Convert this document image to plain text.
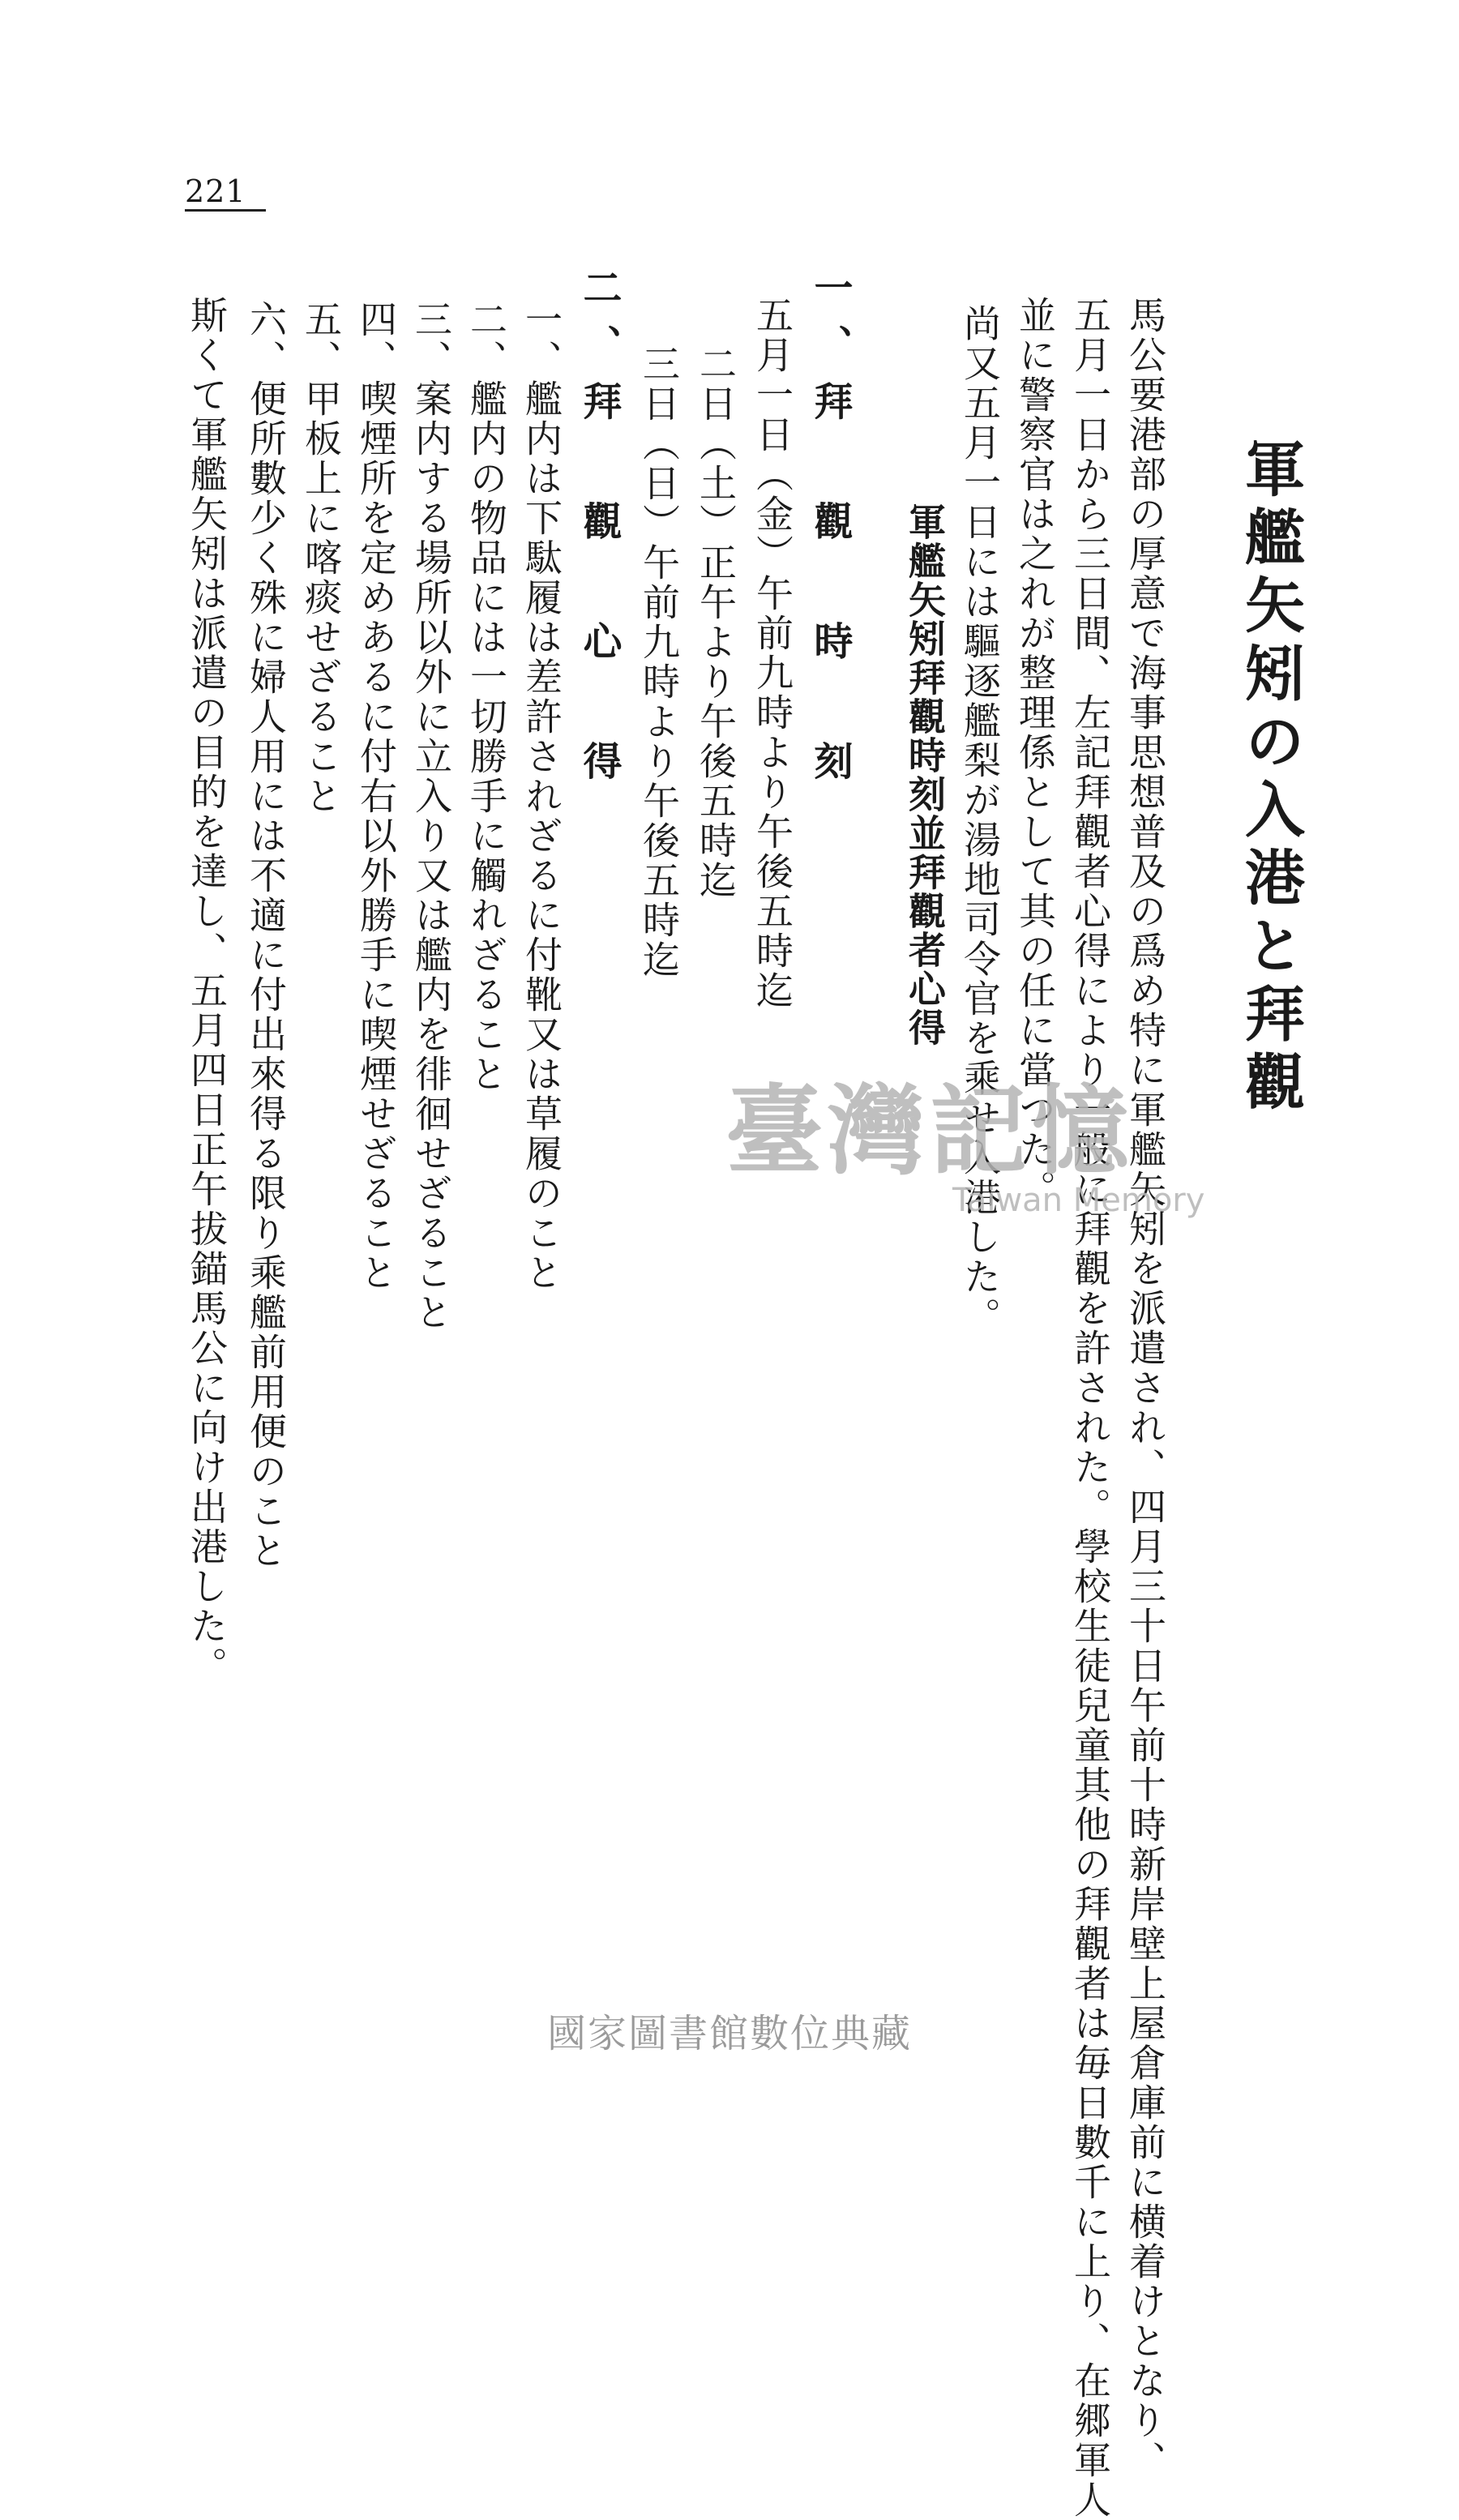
221
軍艦矢矧の入港と拜觀
馬公要港部の厚意で海事思想普及の爲め特に軍艦矢矧を派遣され、四月三十日午前十時新岸壁上屋倉庫前に横着けとなり、
五月一日から三日間、左記拜觀者心得により一般に拜觀を許された。學校生徒兒童其他の拜觀者は毎日數千に上り、在郷軍人
並に警察官は之れが整理係として其の任に當つた。
尚又五月一日には驅逐艦梨が湯地司令官を乘せ入港した。
軍艦矢矧拜觀時刻並拜觀者心得
一、拜 觀 時 刻
五月一日（金）午前九時より午後五時迄
二日（土）正午より午後五時迄
三日（日）午前九時より午後五時迄
二、拜 觀 心 得
一、艦内は下駄履は差許されざるに付靴又は草履のこと
二、艦内の物品には一切勝手に觸れざること
三、案内する場所以外に立入り又は艦内を徘徊せざること
四、喫煙所を定めあるに付右以外勝手に喫煙せざること
五、甲板上に喀痰せざること
六、便所數少く殊に婦人用には不適に付出來得る限り乘艦前用便のこと
斯くて軍艦矢矧は派遣の目的を達し、五月四日正午拔錨馬公に向け出港した。	臺灣記憶
Taiwan Memory
國家圖書館數位典藏
